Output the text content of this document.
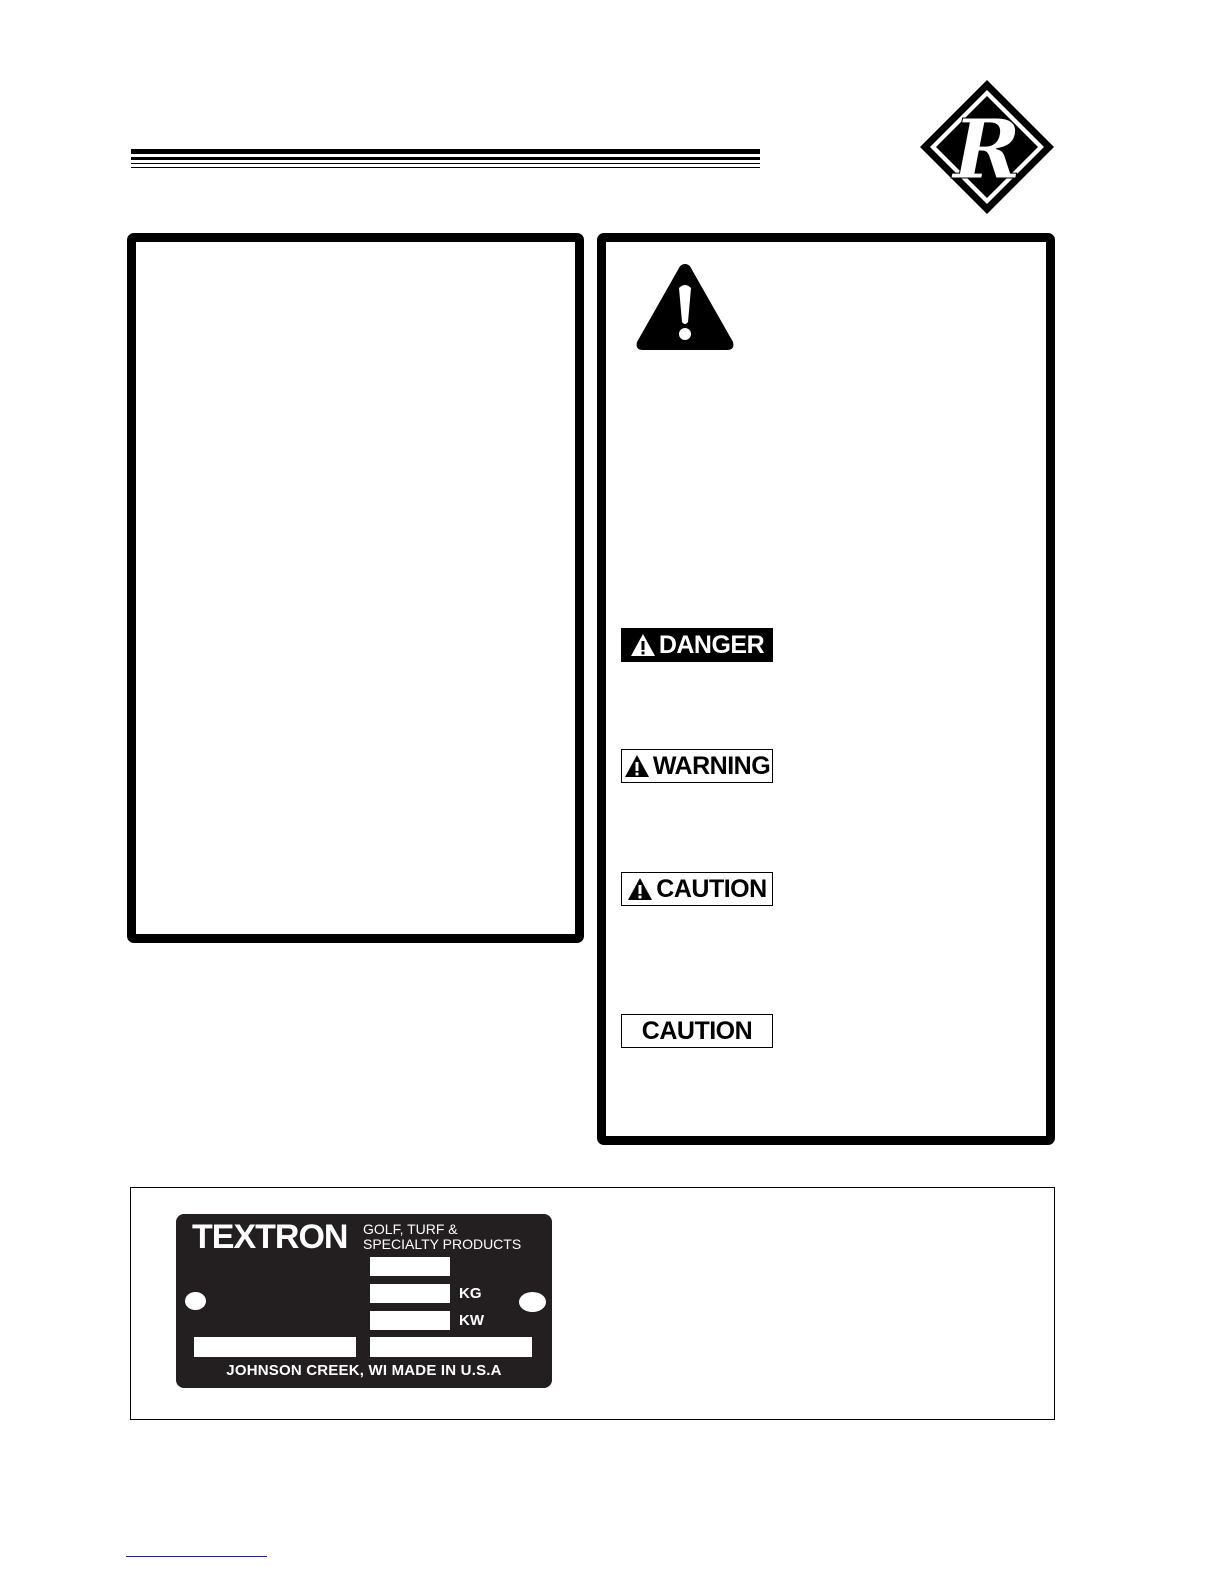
R
DANGER
WARNING
CAUTION
CAUTION
TEXTRON GOLF, TURF &
SPECIALTY PRODUCTS
KG
KW
JOHNSON CREEK, WI MADE IN U.S.A
